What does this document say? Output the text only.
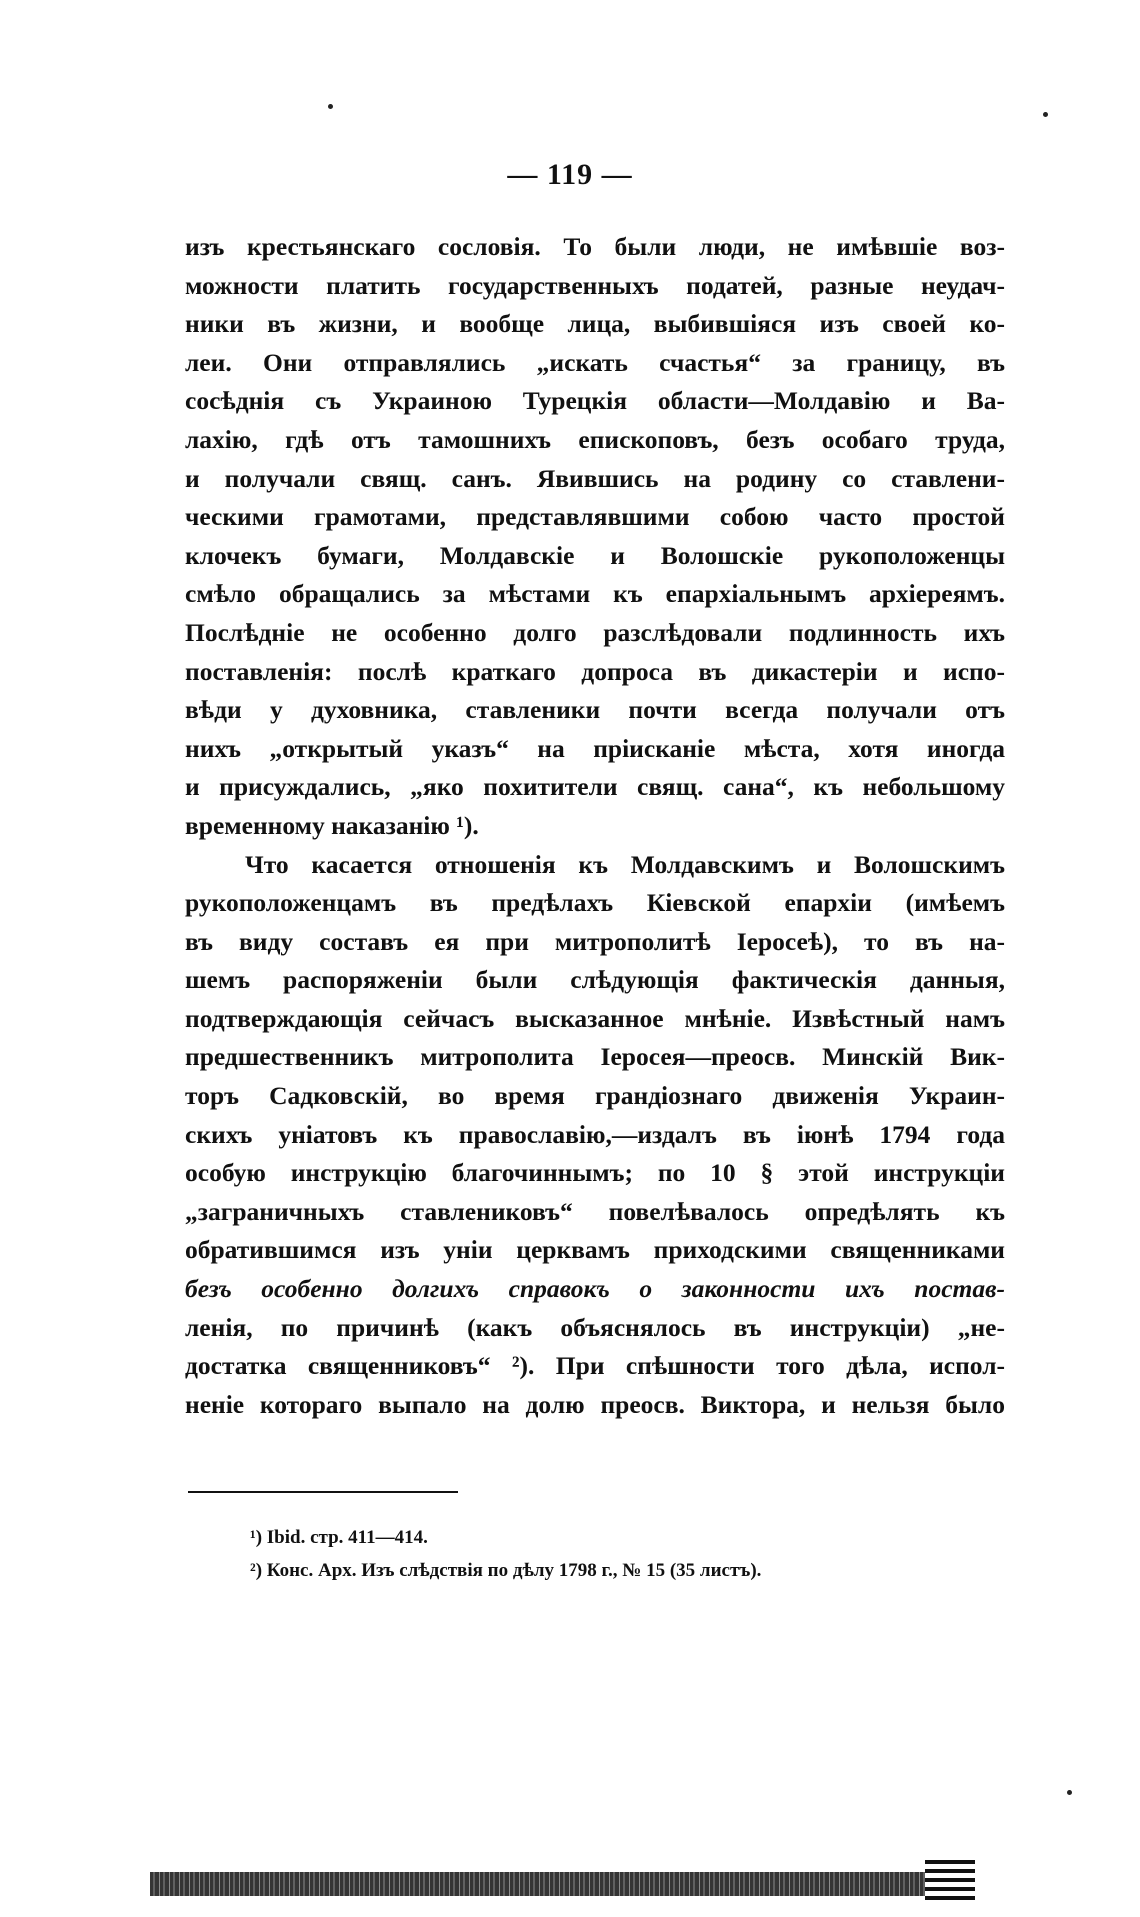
— 119 —
изъ крестьянскаго сословія. То были люди, не имѣвшіе воз-
можности платить государственныхъ податей, разные неудач-
ники въ жизни, и вообще лица, выбившіяся изъ своей ко-
леи. Они отправлялись „искать счастья“ за границу, въ
сосѣднія съ Украиною Турецкія области—Молдавію и Ва-
лахію, гдѣ отъ тамошнихъ епископовъ, безъ особаго труда,
и получали свящ. санъ. Явившись на родину со ставлени-
ческими грамотами, представлявшими собою часто простой
клочекъ бумаги, Молдавскіе и Волошскіе рукоположенцы
смѣло обращались за мѣстами къ епархіальнымъ архіереямъ.
Послѣдніе не особенно долго разслѣдовали подлинность ихъ
поставленія: послѣ краткаго допроса въ дикастеріи и испо-
вѣди у духовника, ставленики почти всегда получали отъ
нихъ „открытый указъ“ на пріисканіе мѣста, хотя иногда
и присуждались, „яко похитители свящ. сана“, къ небольшому
временному наказанію ¹).
Что касается отношенія къ Молдавскимъ и Волошскимъ
рукоположенцамъ въ предѣлахъ Кіевской епархіи (имѣемъ
въ виду составъ ея при митрополитѣ Іеросеѣ), то въ на-
шемъ распоряженіи были слѣдующія фактическія данныя,
подтверждающія сейчасъ высказанное мнѣніе. Извѣстный намъ
предшественникъ митрополита Іеросея—преосв. Минскій Вик-
торъ Садковскій, во время грандіознаго движенія Украин-
скихъ уніатовъ къ православію,—издалъ въ іюнѣ 1794 года
особую инструкцію благочиннымъ; по 10 § этой инструкціи
„заграничныхъ ставлениковъ“ повелѣвалось опредѣлять къ
обратившимся изъ уніи церквамъ приходскими священниками
безъ особенно долгихъ справокъ о законности ихъ постав-
ленія, по причинѣ (какъ объяснялось въ инструкціи) „не-
достатка священниковъ“ ²). При спѣшности того дѣла, испол-
неніе котораго выпало на долю преосв. Виктора, и нельзя было
¹) Ibid. стр. 411—414.
²) Конс. Арх. Изъ слѣдствія по дѣлу 1798 г., № 15 (35 листъ).
